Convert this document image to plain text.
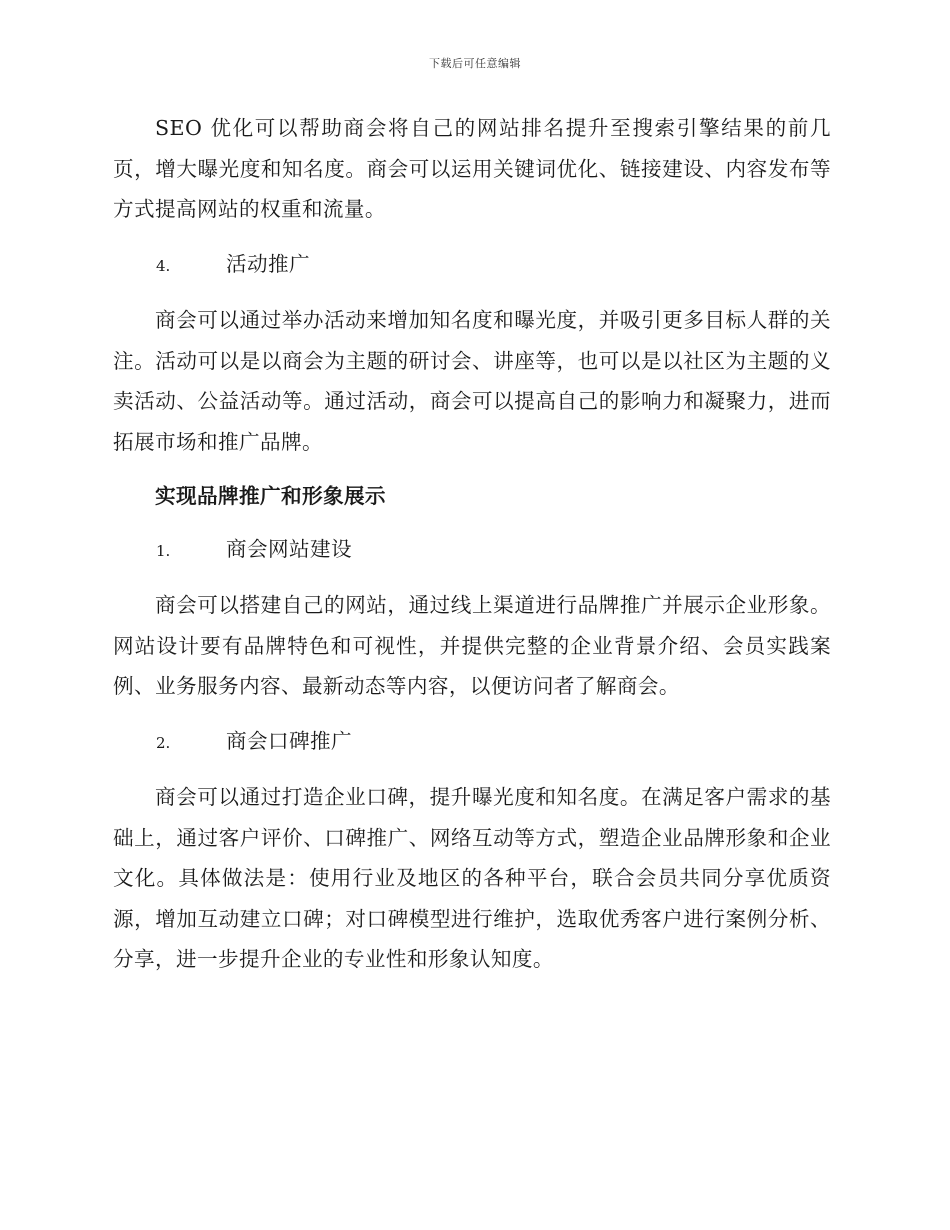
下载后可任意编辑

SEO 优化可以帮助商会将自己的网站排名提升至搜索引擎结果的前几页，增大曝光度和知名度。商会可以运用关键词优化、链接建设、内容发布等方式提高网站的权重和流量。

4.	活动推广

商会可以通过举办活动来增加知名度和曝光度，并吸引更多目标人群的关注。活动可以是以商会为主题的研讨会、讲座等，也可以是以社区为主题的义卖活动、公益活动等。通过活动，商会可以提高自己的影响力和凝聚力，进而拓展市场和推广品牌。

实现品牌推广和形象展示
1.	商会网站建设

商会可以搭建自己的网站，通过线上渠道进行品牌推广并展示企业形象。网站设计要有品牌特色和可视性，并提供完整的企业背景介绍、会员实践案例、业务服务内容、最新动态等内容，以便访问者了解商会。

2.	商会口碑推广

商会可以通过打造企业口碑，提升曝光度和知名度。在满足客户需求的基础上，通过客户评价、口碑推广、网络互动等方式，塑造企业品牌形象和企业文化。具体做法是：使用行业及地区的各种平台，联合会员共同分享优质资源，增加互动建立口碑；对口碑模型进行维护，选取优秀客户进行案例分析、分享，进一步提升企业的专业性和形象认知度。
